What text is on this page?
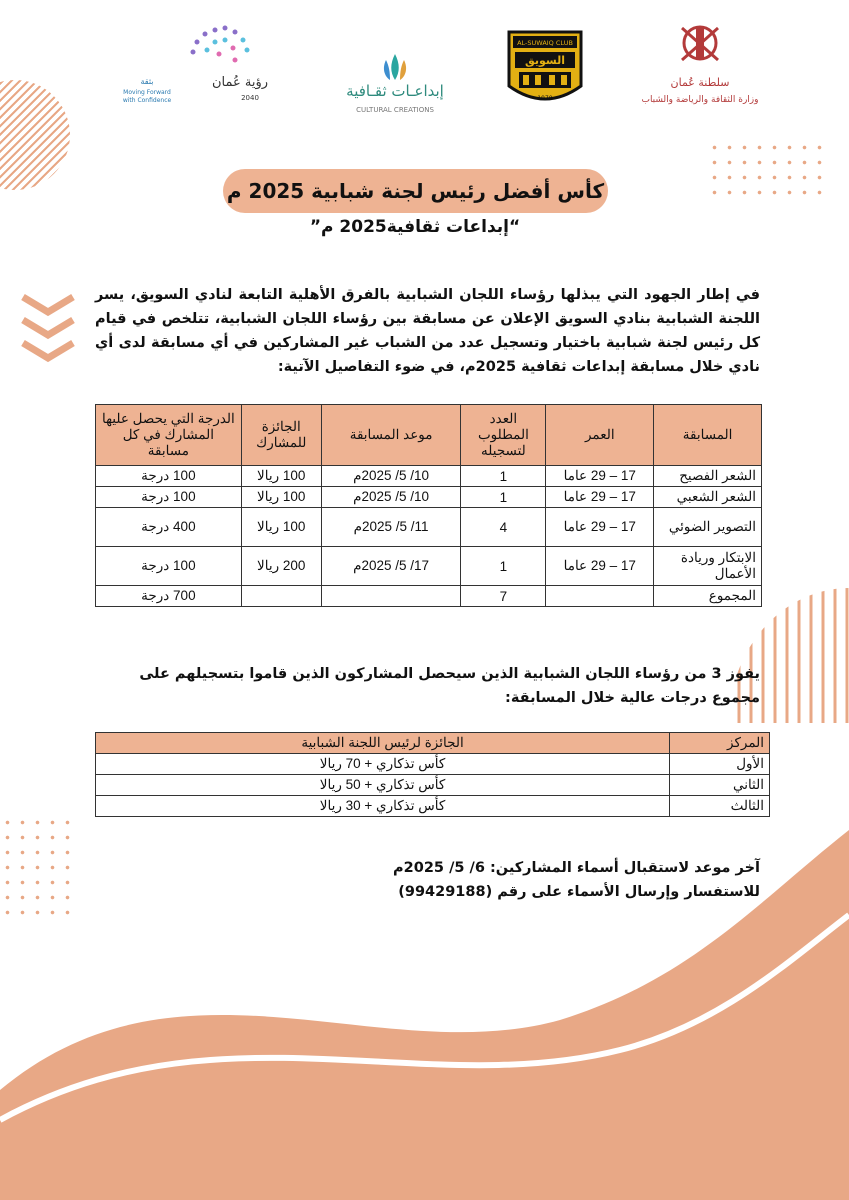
سلطنة عُمان
وزارة الثقافة والرياضة والشباب
AL-SUWAIQ CLUB
السويق
1970
إبداعـات ثقـافية
CULTURAL CREATIONS
رؤية عُمان
2040
بثقة
Moving Forward
with Confidence
كأس أفضل رئيس لجنة شبابية 2025 م
“إبداعات ثقافية2025 م”
في إطار الجهود التي يبذلها رؤساء اللجان الشبابية بالفرق الأهلية التابعة لنادي السويق، يسر اللجنة الشبابية بنادي السويق الإعلان عن مسابقة بين رؤساء اللجان الشبابية، تتلخص في قيام كل رئيس لجنة شبابية باختيار وتسجيل عدد من الشباب غير المشاركين في أي مسابقة لدى أي نادي خلال مسابقة إبداعات ثقافية 2025م، في ضوء التفاصيل الآتية:
المسابقة	العمر	العدد المطلوب لتسجيله	موعد المسابقة	الجائزة للمشارك	الدرجة التي يحصل عليها المشارك في كل مسابقة
الشعر الفصيح	17 – 29 عاما	1	10/ 5/ 2025م	100 ريالا	100 درجة
الشعر الشعبي	17 – 29 عاما	1	10/ 5/ 2025م	100 ريالا	100 درجة
التصوير الضوئي	17 – 29 عاما	4	11/ 5/ 2025م	100 ريالا	400 درجة
الابتكار وريادة الأعمال	17 – 29 عاما	1	17/ 5/ 2025م	200 ريالا	100 درجة
المجموع		7			700 درجة
يفوز 3 من رؤساء اللجان الشبابية الذين سيحصل المشاركون الذين قاموا بتسجيلهم على مجموع درجات عالية خلال المسابقة:
المركز	الجائزة لرئيس اللجنة الشبابية
الأول	كأس تذكاري + 70 ريالا
الثاني	كأس تذكاري + 50 ريالا
الثالث	كأس تذكاري + 30 ريالا
آخر موعد لاستقبال أسماء المشاركين: 6/ 5/ 2025م
للاستفسار وإرسال الأسماء على رقم (99429188)
